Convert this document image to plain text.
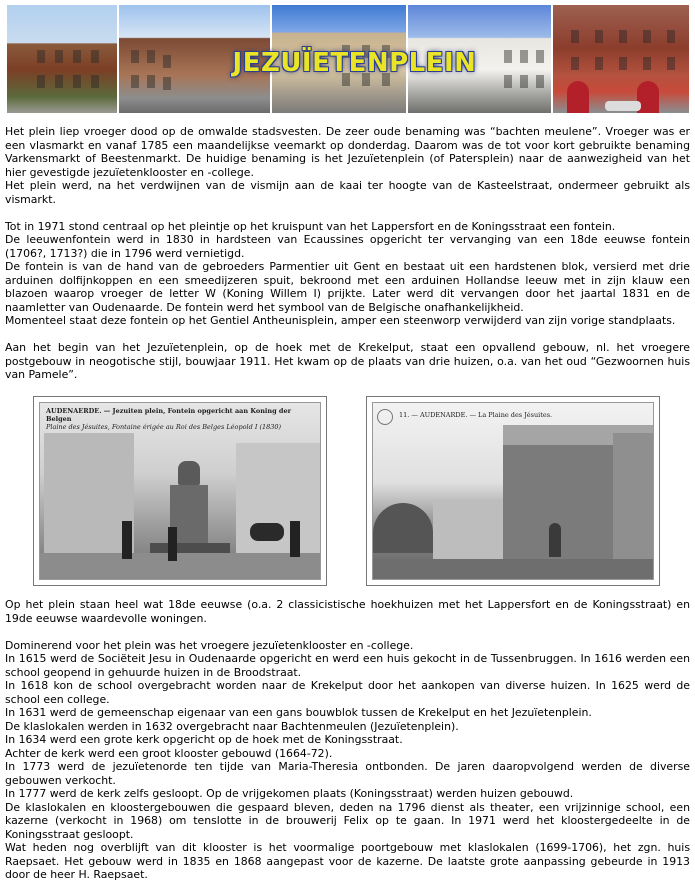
JEZUÏETENPLEIN

Het plein liep vroeger dood op de omwalde stadsvesten. De zeer oude benaming was “bachten meulene”. Vroeger was er een vlasmarkt en vanaf 1785 een maandelijkse veemarkt op donderdag. Daarom was de tot voor kort gebruikte benaming Varkensmarkt of Beestenmarkt. De huidige benaming is het Jezuïetenplein (of Patersplein) naar de aanwezigheid van het hier gevestigde jezuïetenklooster en -college.

Het plein werd, na het verdwijnen van de vismijn aan de kaai ter hoogte van de Kasteelstraat, ondermeer gebruikt als vismarkt.

Tot in 1971 stond centraal op het pleintje op het kruispunt van het Lappersfort en de Koningsstraat een fontein.

De leeuwenfontein werd in 1830 in hardsteen van Ecaussines opgericht ter vervanging van een 18de eeuwse fontein (1706?, 1713?) die in 1796 werd vernietigd.

De fontein is van de hand van de gebroeders Parmentier uit Gent en bestaat uit een hardstenen blok, versierd met drie arduinen dolfijnkoppen en een smeedijzeren spuit, bekroond met een arduinen Hollandse leeuw met in zijn klauw een blazoen waarop vroeger de letter W (Koning Willem I) prijkte. Later werd dit vervangen door het jaartal 1831 en de naamletter van Oudenaarde. De fontein werd het symbool van de Belgische onafhankelijkheid.

Momenteel staat deze fontein op het Gentiel Antheunisplein, amper een steenworp verwijderd van zijn vorige standplaats.

Aan het begin van het Jezuïetenplein, op de hoek met de Krekelput, staat een opvallend gebouw, nl. het vroegere postgebouw in neogotische stijl, bouwjaar 1911. Het kwam op de plaats van drie huizen, o.a. van het oud “Gezwoornen huis van Pamele”.

AUDENAERDE. — Jezuiten plein, Fontein opgericht aan Koning der Belgen
Plaine des Jésuites, Fontaine érigée au Roi des Belges Léopold I (1830)
11. — AUDENARDE. — La Plaine des Jésuites.

Op het plein staan heel wat 18de eeuwse (o.a. 2 classicistische hoekhuizen met het Lappersfort en de Koningsstraat) en 19de eeuwse waardevolle woningen.

Dominerend voor het plein was het vroegere jezuïetenklooster en -college.

In 1615 werd de Sociëteit Jesu in Oudenaarde opgericht en werd een huis gekocht in de Tussenbruggen. In 1616 werden een school geopend in gehuurde huizen in de Broodstraat.

In 1618 kon de school overgebracht worden naar de Krekelput door het aankopen van diverse huizen. In 1625 werd de school een college.

In 1631 werd de gemeenschap eigenaar van een gans bouwblok tussen de Krekelput en het Jezuïetenplein.

De klaslokalen werden in 1632 overgebracht naar Bachtenmeulen (Jezuïetenplein).

In 1634 werd een grote kerk opgericht op de hoek met de Koningsstraat.

Achter de kerk werd een groot klooster gebouwd (1664-72).

In 1773 werd de jezuïetenorde ten tijde van Maria-Theresia ontbonden. De jaren daaropvolgend werden de diverse gebouwen verkocht.

In 1777 werd de kerk zelfs gesloopt. Op de vrijgekomen plaats (Koningsstraat) werden huizen gebouwd.

De klaslokalen en kloostergebouwen die gespaard bleven, deden na 1796 dienst als theater, een vrijzinnige school, een kazerne (verkocht in 1968) om tenslotte in de brouwerij Felix op te gaan. In 1971 werd het kloostergedeelte in de Koningsstraat gesloopt.

Wat heden nog overblijft van dit klooster is het voormalige poortgebouw met klaslokalen (1699-1706), het zgn. huis Raepsaet. Het gebouw werd in 1835 en 1868 aangepast voor de kazerne. De laatste grote aanpassing gebeurde in 1913 door de heer H. Raepsaet.
